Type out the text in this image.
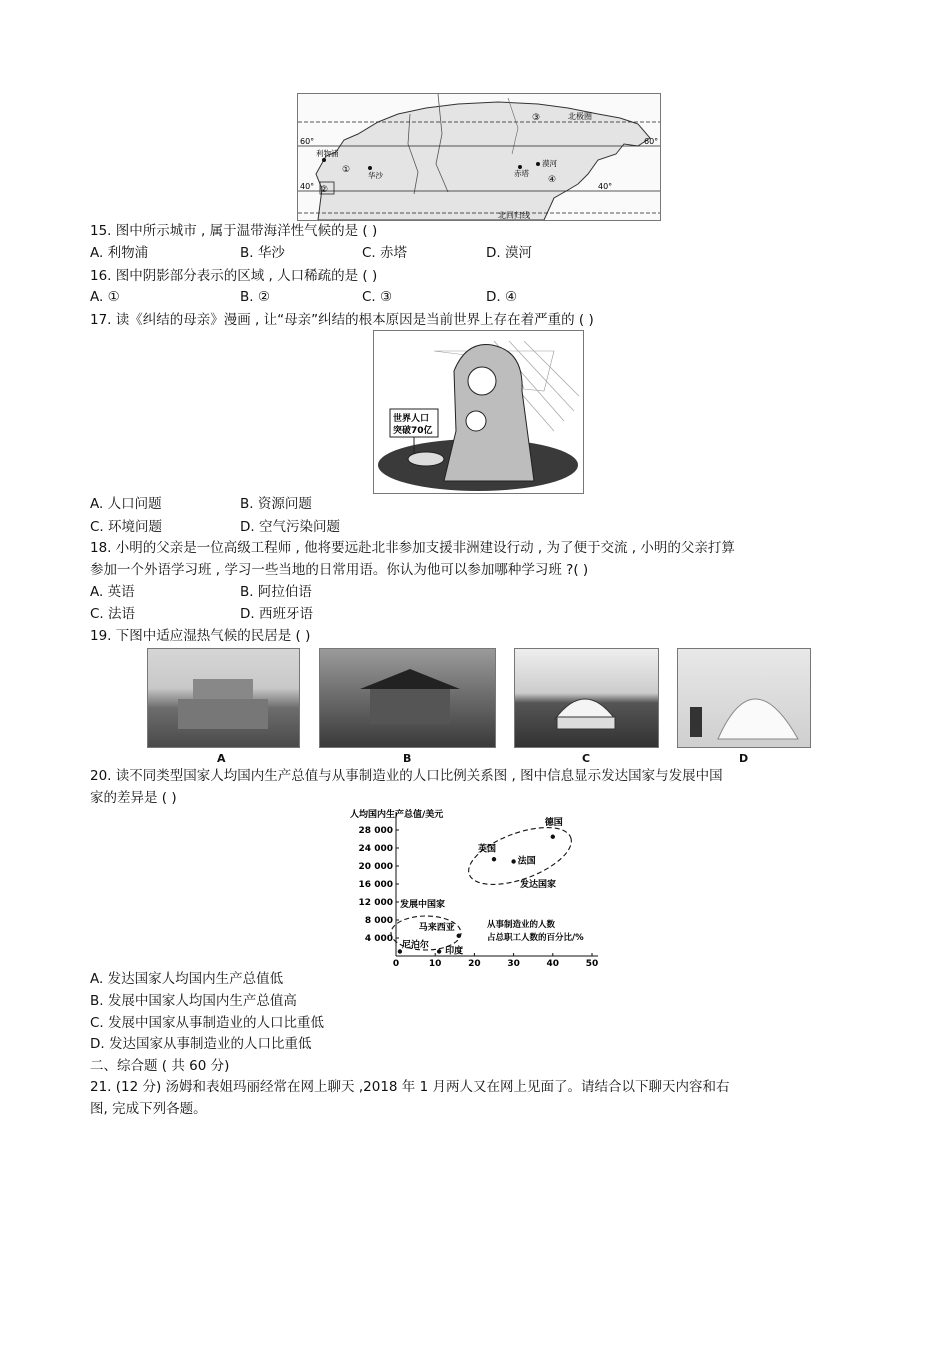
北极圈
北回归线
60°	60°
40°	40°
利物浦
华沙	赤塔
漠河
①
②
③
④
15. 图中所示城市 , 属于温带海洋性气候的是 ( )
A. 利物浦	B. 华沙	C. 赤塔	D. 漠河
16. 图中阴影部分表示的区域 , 人口稀疏的是 ( )
A. ①	B. ②	C. ③	D. ④
17. 读《纠结的母亲》漫画 , 让“母亲”纠结的根本原因是当前世界上存在着严重的 ( )
世界人口
突破70亿
A. 人口问题	B. 资源问题
C. 环境问题	D. 空气污染问题
18. 小明的父亲是一位高级工程师 , 他将要远赴北非参加支援非洲建设行动 , 为了便于交流 , 小明的父亲打算
参加一个外语学习班 , 学习一些当地的日常用语。你认为他可以参加哪种学习班 ?( )
A. 英语	B. 阿拉伯语
C. 法语	D. 西班牙语
19. 下图中适应湿热气候的民居是 ( )
A	B	C	D
20. 读不同类型国家人均国内生产总值与从事制造业的人口比例关系图 , 图中信息显示发达国家与发展中国
家的差异是 ( )
人均国内生产总值/美元
0	10	20	30	40	50
4 000
8 000
12 000
16 000
20 000
24 000
28 000
发达国家
发展中国家
从事制造业的人数
占总职工人数的百分比/%
德国
英国
法国
马来西亚
尼泊尔
印度
A. 发达国家人均国内生产总值低
B. 发展中国家人均国内生产总值高
C. 发展中国家从事制造业的人口比重低
D. 发达国家从事制造业的人口比重低
二、综合题 ( 共 60 分)
21. (12 分) 汤姆和表姐玛丽经常在网上聊天 ,2018 年 1 月两人又在网上见面了。请结合以下聊天内容和右
图, 完成下列各题。
